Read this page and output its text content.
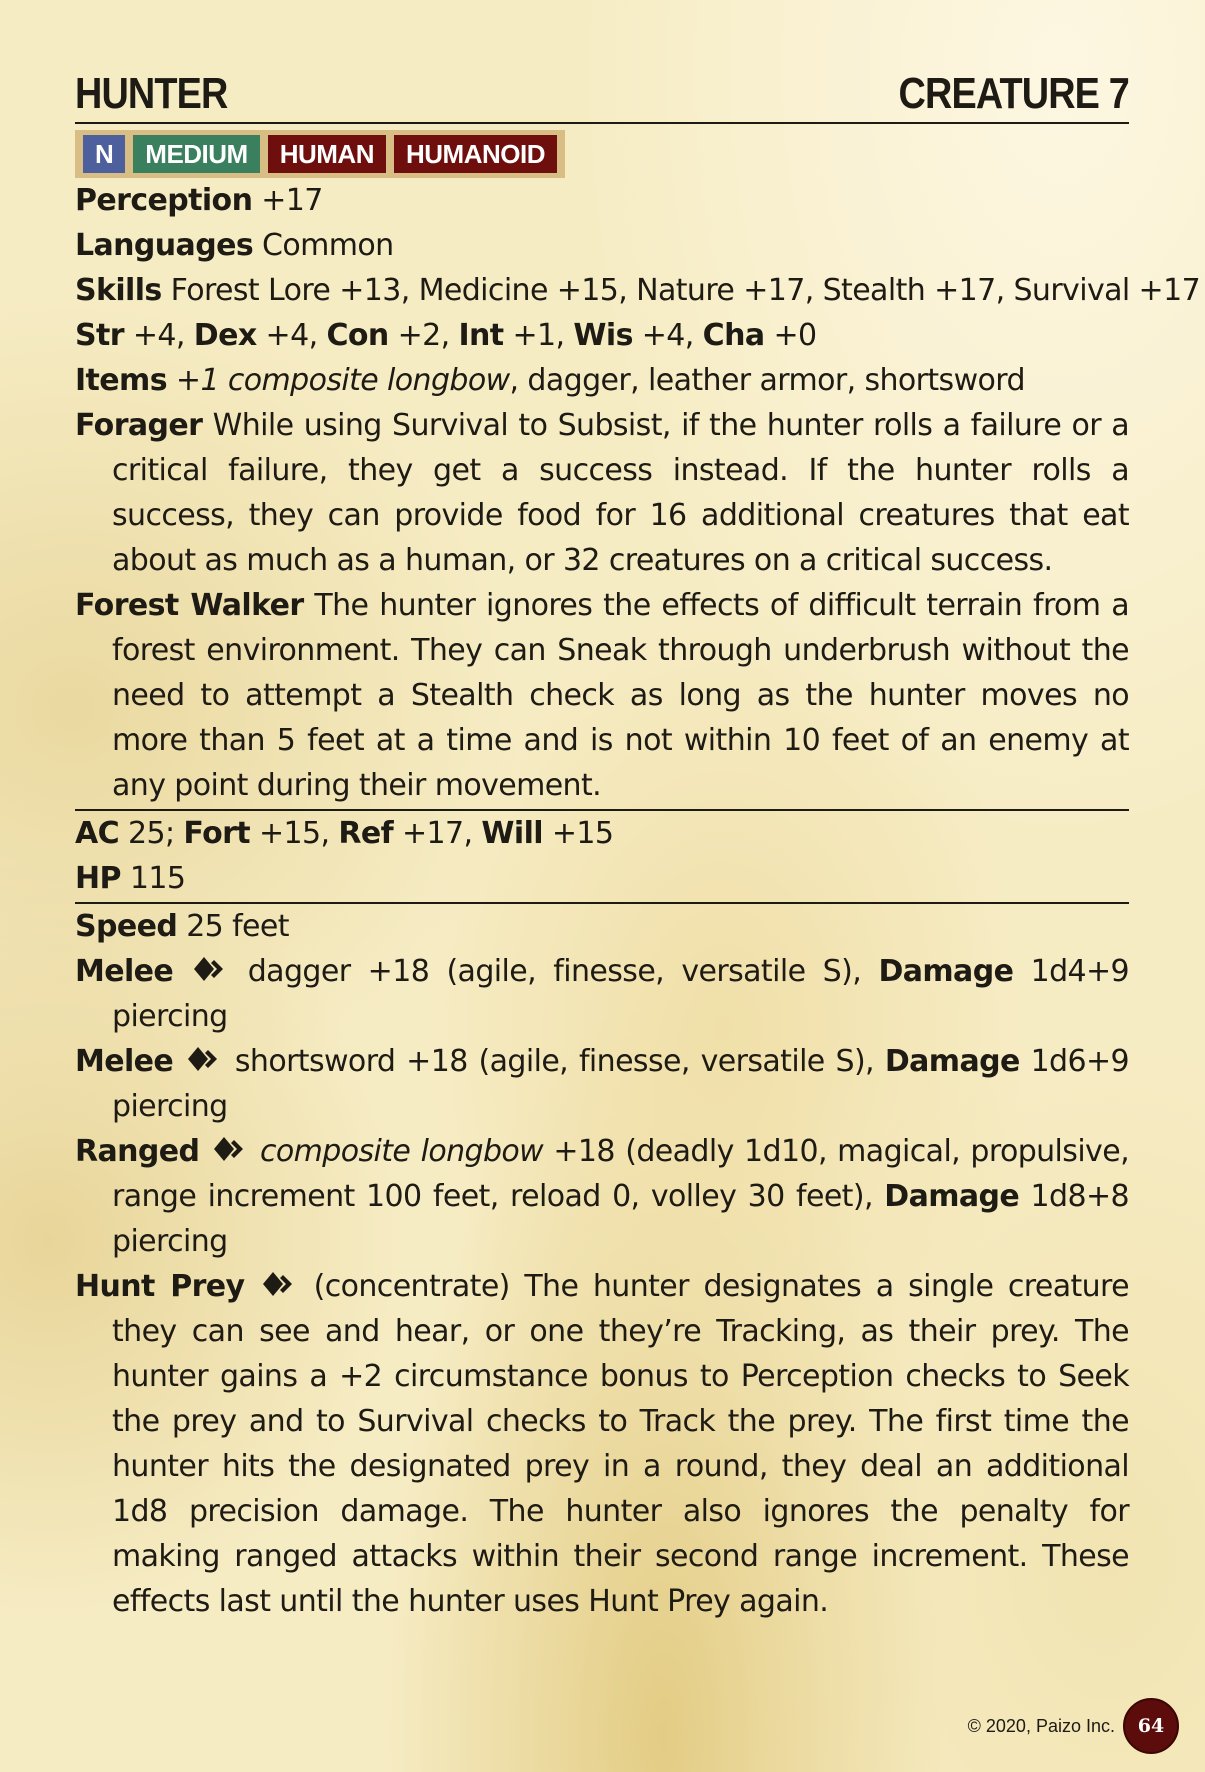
HUNTER	CREATURE 7
N	MEDIUM	HUMAN	HUMANOID
Perception +17
Languages Common
Skills Forest Lore +13, Medicine +15, Nature +17, Stealth +17, Survival +17
Str +4, Dex +4, Con +2, Int +1, Wis +4, Cha +0
Items +1 composite longbow, dagger, leather armor, shortsword
Forager While using Survival to Subsist, if the hunter rolls a failure or a critical failure, they get a success instead. If the hunter rolls a success, they can provide food for 16 additional creatures that eat about as much as a human, or 32 creatures on a critical success.
Forest Walker The hunter ignores the effects of difficult terrain from a forest environment. They can Sneak through underbrush without the need to attempt a Stealth check as long as the hunter moves no more than 5 feet at a time and is not within 10 feet of an enemy at any point during their movement.
AC 25; Fort +15, Ref +17, Will +15
HP 115
Speed 25 feet
Melee dagger +18 (agile, finesse, versatile S), Damage 1d4+9 piercing
Melee shortsword +18 (agile, finesse, versatile S), Damage 1d6+9 piercing
Ranged composite longbow +18 (deadly 1d10, magical, propulsive, range increment 100 feet, reload 0, volley 30 feet), Damage 1d8+8 piercing
Hunt Prey (concentrate) The hunter designates a single creature they can see and hear, or one they’re Tracking, as their prey. The hunter gains a +2 circumstance bonus to Perception checks to Seek the prey and to Survival checks to Track the prey. The first time the hunter hits the designated prey in a round, they deal an additional 1d8 precision damage. The hunter also ignores the penalty for making ranged attacks within their second range increment. These effects last until the hunter uses Hunt Prey again.
© 2020, Paizo Inc.	64
